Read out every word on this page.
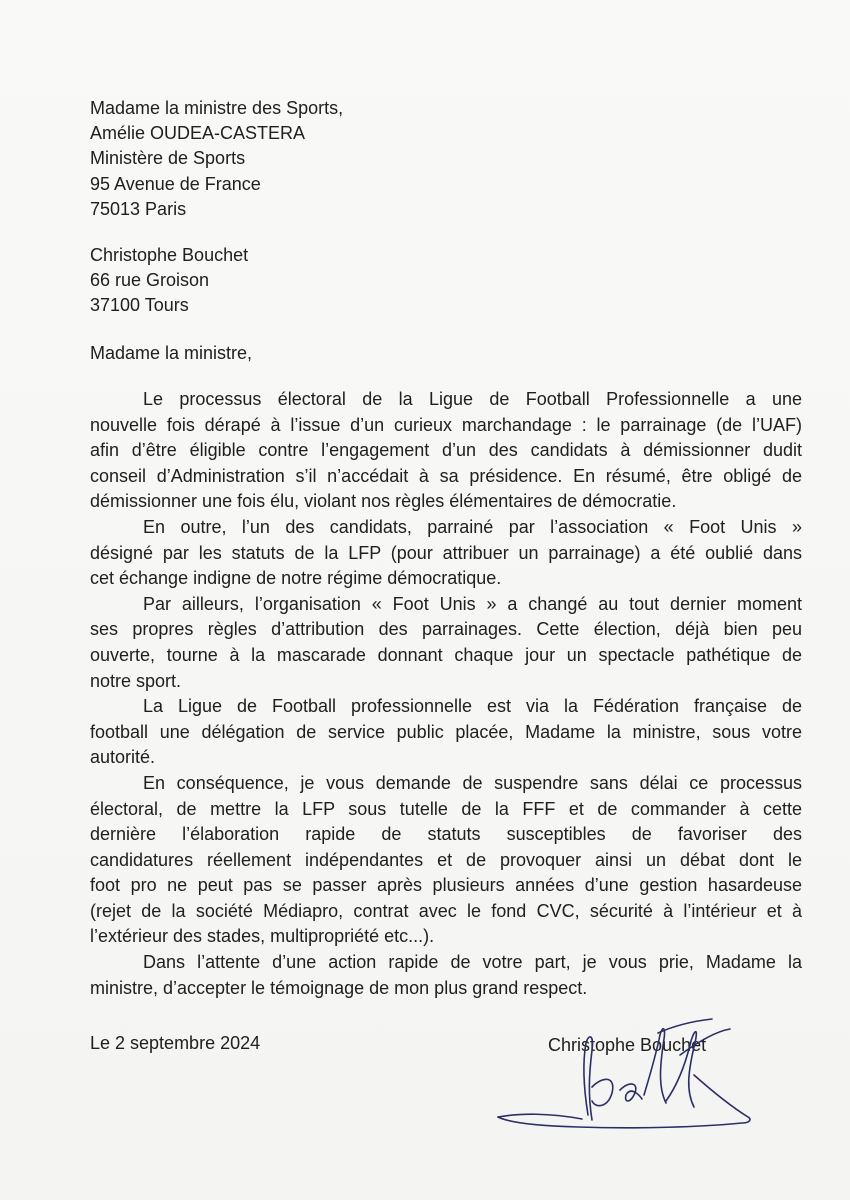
Madame la ministre des Sports,
Amélie OUDEA-CASTERA
Ministère de Sports
95 Avenue de France
75013 Paris
Christophe Bouchet
66 rue Groison
37100 Tours
Madame la ministre,

Le processus électoral de la Ligue de Football Professionnelle a une
nouvelle fois dérapé à l’issue d’un curieux marchandage : le parrainage (de l’UAF)
afin d’être éligible contre l’engagement d’un des candidats à démissionner dudit
conseil d’Administration s’il n’accédait à sa présidence. En résumé, être obligé de
démissionner une fois élu, violant nos règles élémentaires de démocratie.

En outre, l’un des candidats, parrainé par l’association « Foot Unis »
désigné par les statuts de la LFP (pour attribuer un parrainage) a été oublié dans
cet échange indigne de notre régime démocratique.

Par ailleurs, l’organisation « Foot Unis » a changé au tout dernier moment
ses propres règles d’attribution des parrainages. Cette élection, déjà bien peu
ouverte, tourne à la mascarade donnant chaque jour un spectacle pathétique de
notre sport.

La Ligue de Football professionnelle est via la Fédération française de
football une délégation de service public placée, Madame la ministre, sous votre
autorité.

En conséquence, je vous demande de suspendre sans délai ce processus
électoral, de mettre la LFP sous tutelle de la FFF et de commander à cette
dernière l’élaboration rapide de statuts susceptibles de favoriser des
candidatures réellement indépendantes et de provoquer ainsi un débat dont le
foot pro ne peut pas se passer après plusieurs années d’une gestion hasardeuse
(rejet de la société Médiapro, contrat avec le fond CVC, sécurité à l’intérieur et à
l’extérieur des stades, multipropriété etc...).

Dans l’attente d’une action rapide de votre part, je vous prie, Madame la
ministre, d’accepter le témoignage de mon plus grand respect.

Le 2 septembre 2024	Christophe Bouchet
